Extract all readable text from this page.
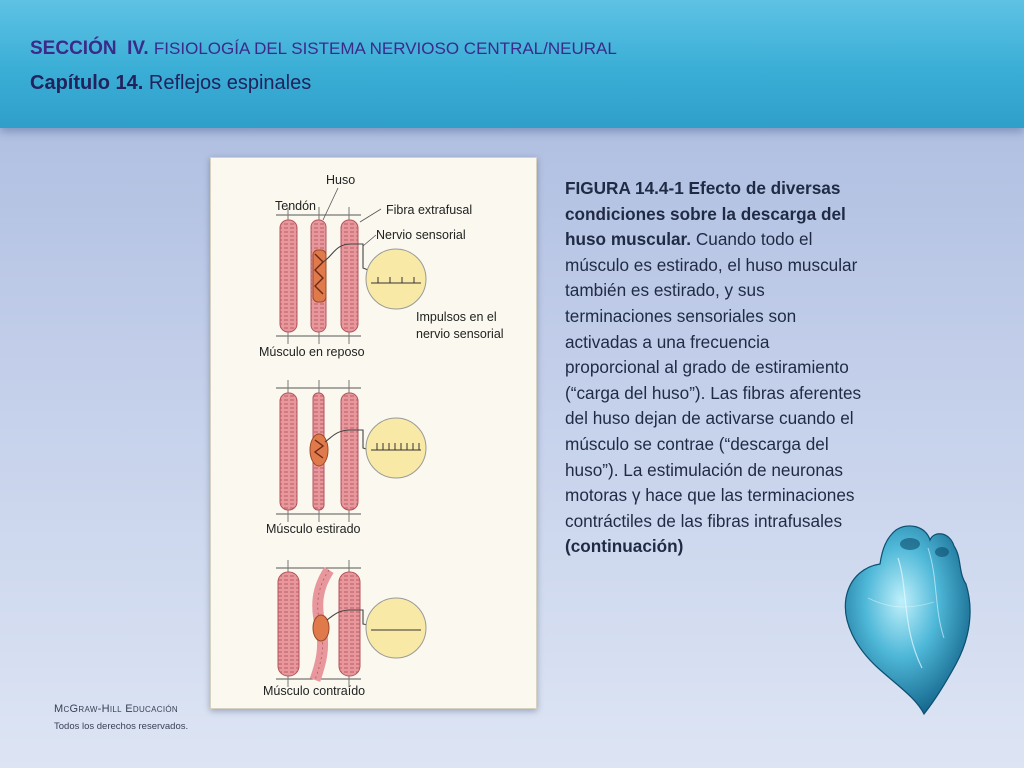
SECCIÓN IV. FISIOLOGÍA DEL SISTEMA NERVIOSO CENTRAL/NEURAL
Capítulo 14. Reflejos espinales
Huso
Tendón	Fibra extrafusal
Nervio sensorial
Impulsos en el
nervio sensorial
Músculo en reposo
Músculo estirado
Músculo contraído
FIGURA 14.4-1 Efecto de diversas condiciones sobre la descarga del huso muscular. Cuando todo el músculo es estirado, el huso muscular también es estirado, y sus terminaciones sensoriales son activadas a una frecuencia proporcional al grado de estiramiento (“carga del huso”). Las fibras aferentes del huso dejan de activarse cuando el músculo se contrae (“descarga del huso”). La estimulación de neuronas motoras γ hace que las terminaciones contráctiles de las fibras intrafusales (continuación)
McGraw-Hill Educación
Todos los derechos reservados.
